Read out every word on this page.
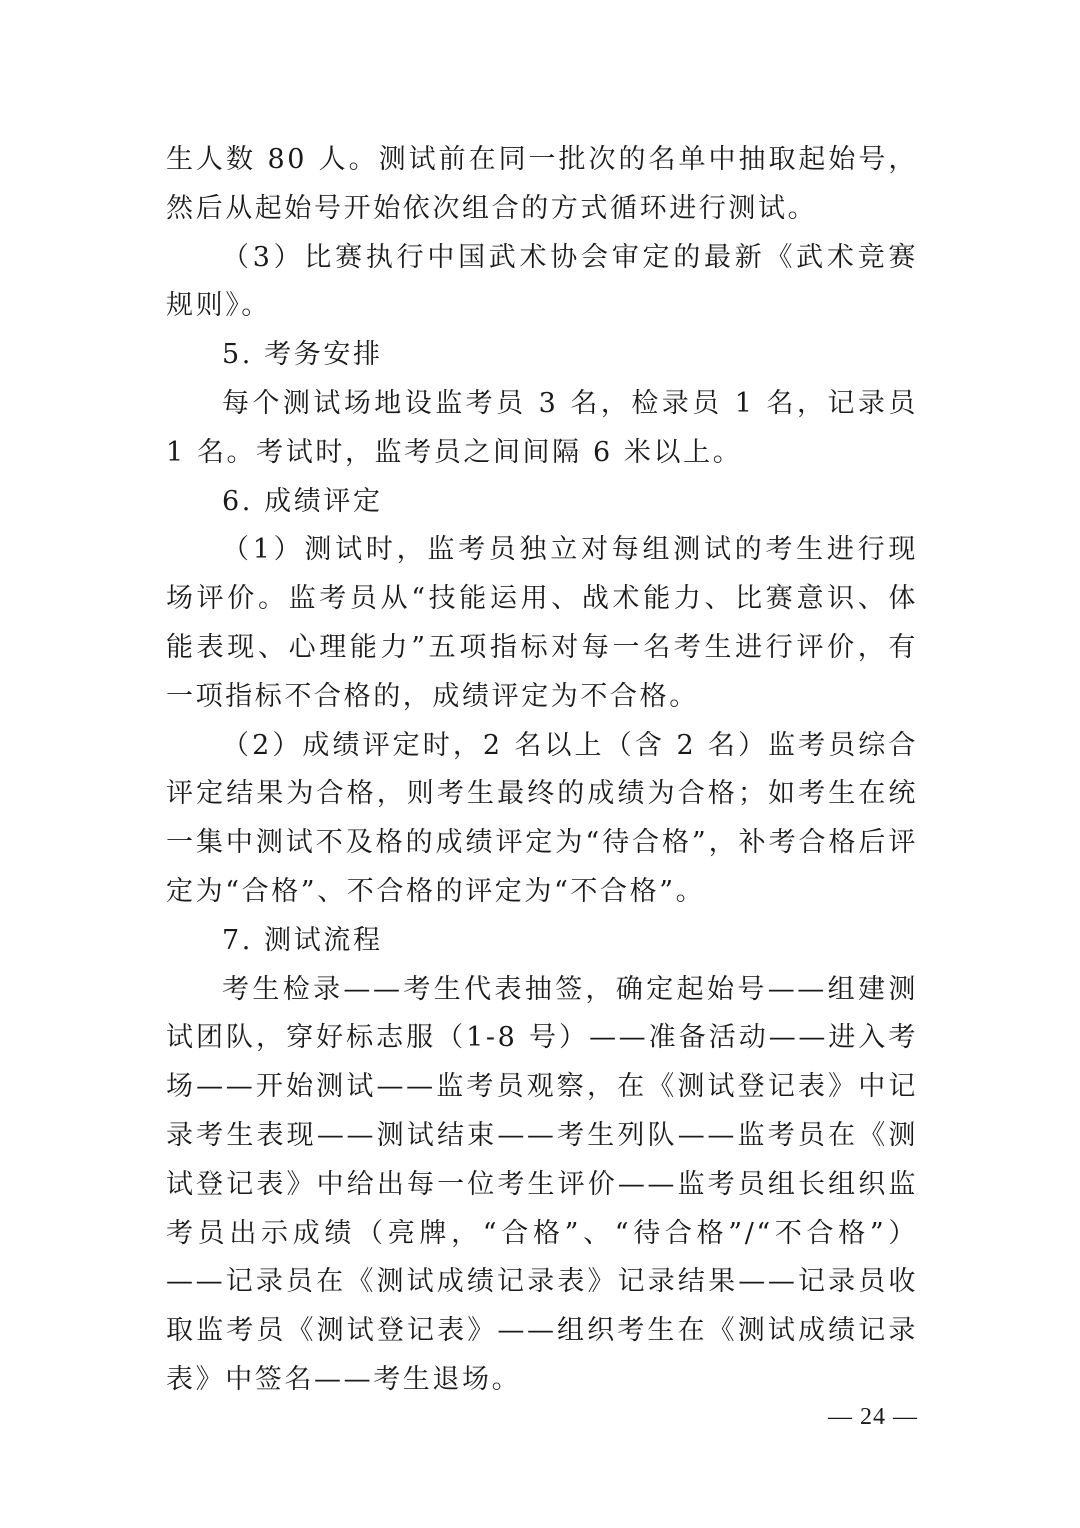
生人数 80 人。测试前在同一批次的名单中抽取起始号，然后从起始号开始依次组合的方式循环进行测试。

（3）比赛执行中国武术协会审定的最新《武术竞赛规则》。

5. 考务安排

每个测试场地设监考员 3 名，检录员 1 名，记录员 1 名。考试时，监考员之间间隔 6 米以上。

6. 成绩评定

（1）测试时，监考员独立对每组测试的考生进行现场评价。监考员从“技能运用、战术能力、比赛意识、体能表现、心理能力”五项指标对每一名考生进行评价，有一项指标不合格的，成绩评定为不合格。

（2）成绩评定时，2 名以上（含 2 名）监考员综合评定结果为合格，则考生最终的成绩为合格；如考生在统一集中测试不及格的成绩评定为“待合格”，补考合格后评定为“合格”、不合格的评定为“不合格”。

7. 测试流程

考生检录——考生代表抽签，确定起始号——组建测试团队，穿好标志服（1-8 号）——准备活动——进入考场——开始测试——监考员观察，在《测试登记表》中记录考生表现——测试结束——考生列队——监考员在《测试登记表》中给出每一位考生评价——监考员组长组织监考员出示成绩（亮牌，“合格”、“待合格”/“不合格”）——记录员在《测试成绩记录表》记录结果——记录员收取监考员《测试登记表》——组织考生在《测试成绩记录表》中签名——考生退场。

— 24 —
